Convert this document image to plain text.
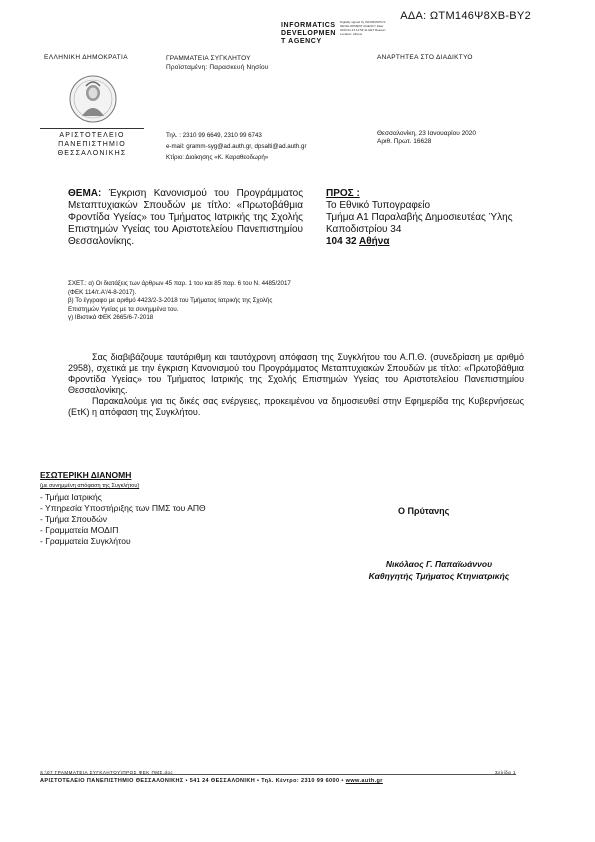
ΑΔΑ: ΩΤΜ146Ψ8ΧΒ-ΒΥ2
INFORMATICS
DEVELOPMEN
T AGENCY
Digitally signed by INFORMATICS DEVELOPMENT AGENCY Date: 2020.01.23 14:53:41 EET Reason: Location: Athens
ΕΛΛΗΝΙΚΗ ΔΗΜΟΚΡΑΤΙΑ	ΓΡΑΜΜΑΤΕΙΑ ΣΥΓΚΛΗΤΟΥ
Προϊσταμένη: Παρασκευή Νησίου
ΑΝΑΡΤΗΤΕΑ ΣΤΟ ΔΙΑΔΙΚΤΥΟ
ΑΡΙΣΤΟΤΕΛΕΙΟ
ΠΑΝΕΠΙΣΤΗΜΙΟ
ΘΕΣΣΑΛΟΝΙΚΗΣ
Τηλ. : 2310 99 6649, 2310 99 6743
e-mail: gramm-syg@ad.auth.gr, dpsalti@ad.auth.gr
Κτίριο: Διοίκησης «Κ. Καραθεοδωρή»
Θεσσαλονίκη, 23 Ιανουαρίου 2020
Αριθ. Πρωτ. 16628
ΘΕΜΑ: Έγκριση Κανονισμού του Προγράμματος Μεταπτυχιακών Σπουδών με τίτλο: «Πρωτοβάθμια Φροντίδα Υγείας» του Τμήματος Ιατρικής της Σχολής Επιστημών Υγείας του Αριστοτελείου Πανεπιστημίου Θεσσαλονίκης.
ΠΡΟΣ :
Το Εθνικό Τυπογραφείο
Τμήμα Α1 Παραλαβής Δημοσιευτέας Ύλης
Καποδιστρίου 34
104 32 Αθήνα
ΣΧΕΤ.: α) Οι διατάξεις των άρθρων 45 παρ. 1 του και 85 παρ. 6 του Ν. 4485/2017 (ΦΕΚ 114/τ.Α'/4-8-2017).
β) Το έγγραφο με αριθμό 4423/2-3-2018 του Τμήματος Ιατρικής της Σχολής Επιστημών Υγείας με τα συνημμένα του.
γ) ΙΒιστικά ΦΕΚ 2665/6-7-2018

Σας διαβιβάζουμε ταυτάριθμη και ταυτόχρονη απόφαση της Συγκλήτου του Α.Π.Θ. (συνεδρίαση με αριθμό 2958), σχετικά με την έγκριση Κανονισμού του Προγράμματος Μεταπτυχιακών Σπουδών με τίτλο: «Πρωτοβάθμια Φροντίδα Υγείας» του Τμήματος Ιατρικής της Σχολής Επιστημών Υγείας του Αριστοτελείου Πανεπιστημίου Θεσσαλονίκης.

Παρακαλούμε για τις δικές σας ενέργειες, προκειμένου να δημοσιευθεί στην Εφημερίδα της Κυβερνήσεως (ΕτΚ) η απόφαση της Συγκλήτου.

ΕΣΩΤΕΡΙΚΗ ΔΙΑΝΟΜΗ
(με συνημμένη απόφαση της Συγκλήτου)
- Τμήμα Ιατρικής
- Υπηρεσία Υποστήριξης των ΠΜΣ του ΑΠΘ
- Τμήμα Σπουδών
- Γραμματεία ΜΟΔΙΠ
- Γραμματεία Συγκλήτου
Ο Πρύτανης
Νικόλαος Γ. Παπαϊωάννου
Καθηγητής Τμήματος Κτηνιατρικής
S:\07 ΓΡΑΜΜΑΤΕΙΑ ΣΥΓΚΛΗΤΟΥ\ΠΡΟΣ ΦΕΚ ΠΜΣ.doc	Σελίδα 1
ΑΡΙΣΤΟΤΕΛΕΙΟ ΠΑΝΕΠΙΣΤΗΜΙΟ ΘΕΣΣΑΛΟΝΙΚΗΣ • 541 24 ΘΕΣΣΑΛΟΝΙΚΗ • Τηλ. Κέντρο: 2310 99 6000 • www.auth.gr
